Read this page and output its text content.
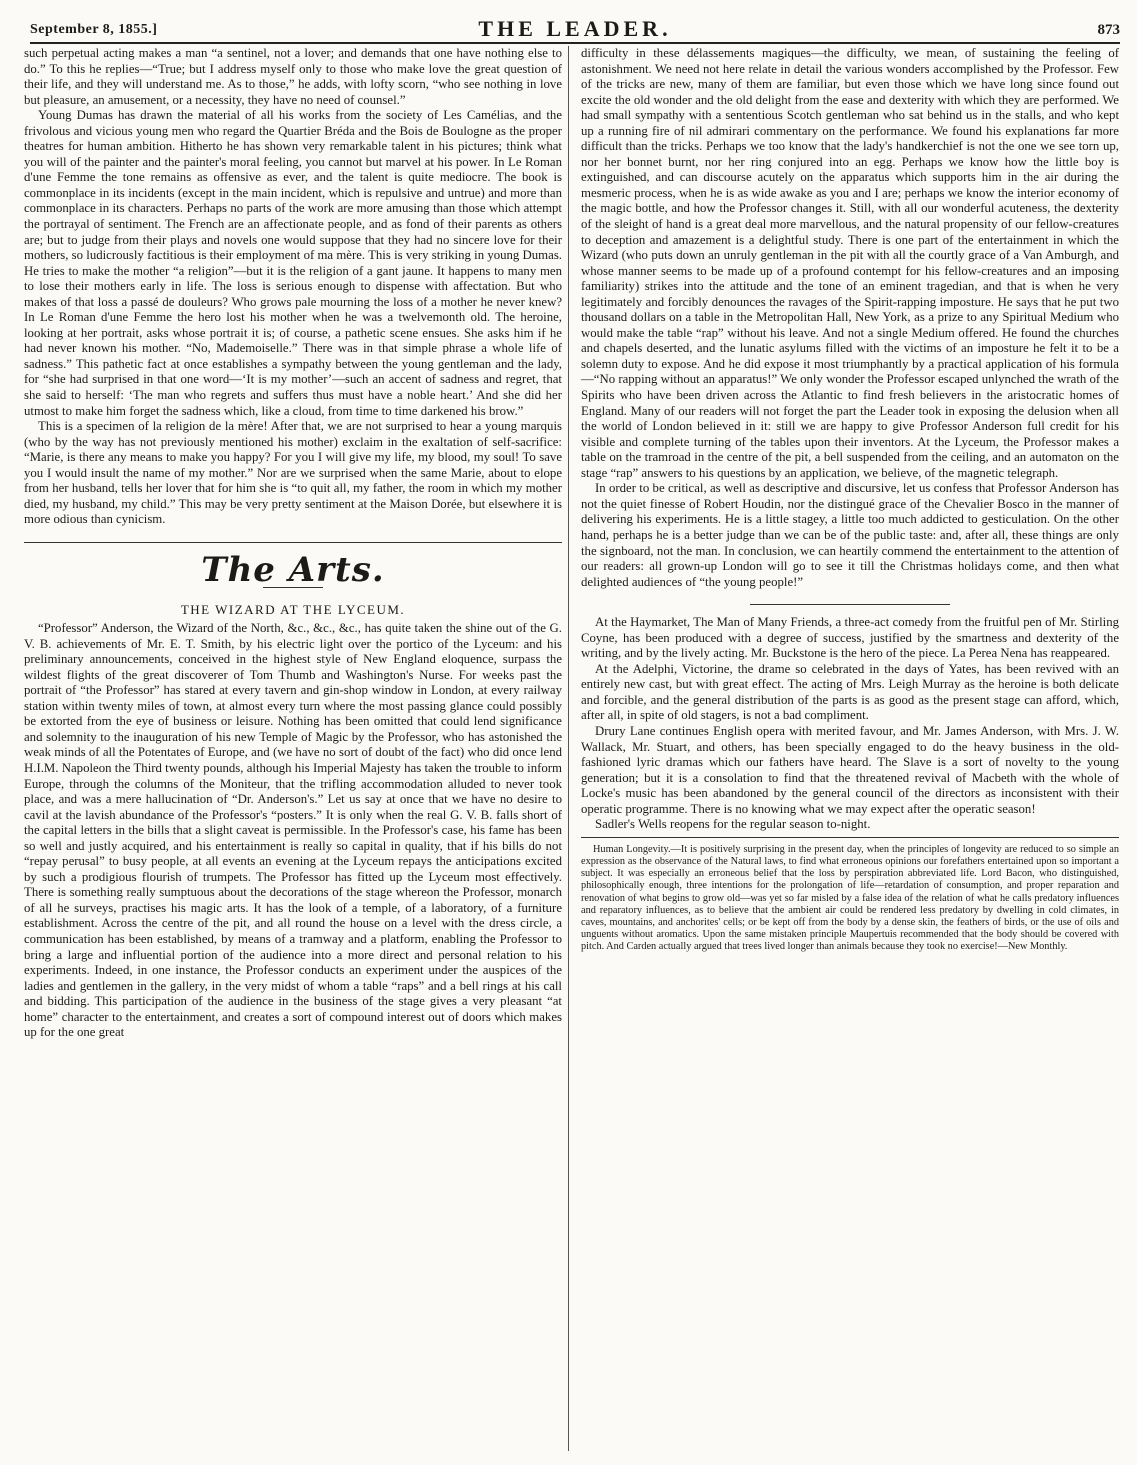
September 8, 1855.]	THE LEADER.	873

such perpetual acting makes a man “a sentinel, not a lover; and demands that one have nothing else to do.” To this he replies—“True; but I address myself only to those who make love the great question of their life, and they will understand me. As to those,” he adds, with lofty scorn, “who see nothing in love but pleasure, an amusement, or a necessity, they have no need of counsel.”

Young Dumas has drawn the material of all his works from the society of Les Camélias, and the frivolous and vicious young men who regard the Quartier Bréda and the Bois de Boulogne as the proper theatres for human ambition. Hitherto he has shown very remarkable talent in his pictures; think what you will of the painter and the painter's moral feeling, you cannot but marvel at his power. In Le Roman d'une Femme the tone remains as offensive as ever, and the talent is quite mediocre. The book is commonplace in its incidents (except in the main incident, which is repulsive and untrue) and more than commonplace in its characters. Perhaps no parts of the work are more amusing than those which attempt the portrayal of sentiment. The French are an affectionate people, and as fond of their parents as others are; but to judge from their plays and novels one would suppose that they had no sincere love for their mothers, so ludicrously factitious is their employment of ma mère. This is very striking in young Dumas. He tries to make the mother “a religion”—but it is the religion of a gant jaune. It happens to many men to lose their mothers early in life. The loss is serious enough to dispense with affectation. But who makes of that loss a passé de douleurs? Who grows pale mourning the loss of a mother he never knew? In Le Roman d'une Femme the hero lost his mother when he was a twelvemonth old. The heroine, looking at her portrait, asks whose portrait it is; of course, a pathetic scene ensues. She asks him if he had never known his mother. “No, Mademoiselle.” There was in that simple phrase a whole life of sadness.” This pathetic fact at once establishes a sympathy between the young gentleman and the lady, for “she had surprised in that one word—‘It is my mother’—such an accent of sadness and regret, that she said to herself: ‘The man who regrets and suffers thus must have a noble heart.’ And she did her utmost to make him forget the sadness which, like a cloud, from time to time darkened his brow.”

This is a specimen of la religion de la mère! After that, we are not surprised to hear a young marquis (who by the way has not previously mentioned his mother) exclaim in the exaltation of self-sacrifice: “Marie, is there any means to make you happy? For you I will give my life, my blood, my soul! To save you I would insult the name of my mother.” Nor are we surprised when the same Marie, about to elope from her husband, tells her lover that for him she is “to quit all, my father, the room in which my mother died, my husband, my child.” This may be very pretty sentiment at the Maison Dorée, but elsewhere it is more odious than cynicism.

The Arts.
THE WIZARD AT THE LYCEUM.

“Professor” Anderson, the Wizard of the North, &c., &c., &c., has quite taken the shine out of the G. V. B. achievements of Mr. E. T. Smith, by his electric light over the portico of the Lyceum: and his preliminary announcements, conceived in the highest style of New England eloquence, surpass the wildest flights of the great discoverer of Tom Thumb and Washington's Nurse. For weeks past the portrait of “the Professor” has stared at every tavern and gin-shop window in London, at every railway station within twenty miles of town, at almost every turn where the most passing glance could possibly be extorted from the eye of business or leisure. Nothing has been omitted that could lend significance and solemnity to the inauguration of his new Temple of Magic by the Professor, who has astonished the weak minds of all the Potentates of Europe, and (we have no sort of doubt of the fact) who did once lend H.I.M. Napoleon the Third twenty pounds, although his Imperial Majesty has taken the trouble to inform Europe, through the columns of the Moniteur, that the trifling accommodation alluded to never took place, and was a mere hallucination of “Dr. Anderson's.” Let us say at once that we have no desire to cavil at the lavish abundance of the Professor's “posters.” It is only when the real G. V. B. falls short of the capital letters in the bills that a slight caveat is permissible. In the Professor's case, his fame has been so well and justly acquired, and his entertainment is really so capital in quality, that if his bills do not “repay perusal” to busy people, at all events an evening at the Lyceum repays the anticipations excited by such a prodigious flourish of trumpets. The Professor has fitted up the Lyceum most effectively. There is something really sumptuous about the decorations of the stage whereon the Professor, monarch of all he surveys, practises his magic arts. It has the look of a temple, of a laboratory, of a furniture establishment. Across the centre of the pit, and all round the house on a level with the dress circle, a communication has been established, by means of a tramway and a platform, enabling the Professor to bring a large and influential portion of the audience into a more direct and personal relation to his experiments. Indeed, in one instance, the Professor conducts an experiment under the auspices of the ladies and gentlemen in the gallery, in the very midst of whom a table “raps” and a bell rings at his call and bidding. This participation of the audience in the business of the stage gives a very pleasant “at home” character to the entertainment, and creates a sort of compound interest out of doors which makes up for the one great

difficulty in these délassements magiques—the difficulty, we mean, of sustaining the feeling of astonishment. We need not here relate in detail the various wonders accomplished by the Professor. Few of the tricks are new, many of them are familiar, but even those which we have long since found out excite the old wonder and the old delight from the ease and dexterity with which they are performed. We had small sympathy with a sententious Scotch gentleman who sat behind us in the stalls, and who kept up a running fire of nil admirari commentary on the performance. We found his explanations far more difficult than the tricks. Perhaps we too know that the lady's handkerchief is not the one we see torn up, nor her bonnet burnt, nor her ring conjured into an egg. Perhaps we know how the little boy is extinguished, and can discourse acutely on the apparatus which supports him in the air during the mesmeric process, when he is as wide awake as you and I are; perhaps we know the interior economy of the magic bottle, and how the Professor changes it. Still, with all our wonderful acuteness, the dexterity of the sleight of hand is a great deal more marvellous, and the natural propensity of our fellow-creatures to deception and amazement is a delightful study. There is one part of the entertainment in which the Wizard (who puts down an unruly gentleman in the pit with all the courtly grace of a Van Amburgh, and whose manner seems to be made up of a profound contempt for his fellow-creatures and an imposing familiarity) strikes into the attitude and the tone of an eminent tragedian, and that is when he very legitimately and forcibly denounces the ravages of the Spirit-rapping imposture. He says that he put two thousand dollars on a table in the Metropolitan Hall, New York, as a prize to any Spiritual Medium who would make the table “rap” without his leave. And not a single Medium offered. He found the churches and chapels deserted, and the lunatic asylums filled with the victims of an imposture he felt it to be a solemn duty to expose. And he did expose it most triumphantly by a practical application of his formula—“No rapping without an apparatus!” We only wonder the Professor escaped unlynched the wrath of the Spirits who have been driven across the Atlantic to find fresh believers in the aristocratic homes of England. Many of our readers will not forget the part the Leader took in exposing the delusion when all the world of London believed in it: still we are happy to give Professor Anderson full credit for his visible and complete turning of the tables upon their inventors. At the Lyceum, the Professor makes a table on the tramroad in the centre of the pit, a bell suspended from the ceiling, and an automaton on the stage “rap” answers to his questions by an application, we believe, of the magnetic telegraph.

In order to be critical, as well as descriptive and discursive, let us confess that Professor Anderson has not the quiet finesse of Robert Houdin, nor the distingué grace of the Chevalier Bosco in the manner of delivering his experiments. He is a little stagey, a little too much addicted to gesticulation. On the other hand, perhaps he is a better judge than we can be of the public taste: and, after all, these things are only the signboard, not the man. In conclusion, we can heartily commend the entertainment to the attention of our readers: all grown-up London will go to see it till the Christmas holidays come, and then what delighted audiences of “the young people!”

At the Haymarket, The Man of Many Friends, a three-act comedy from the fruitful pen of Mr. Stirling Coyne, has been produced with a degree of success, justified by the smartness and dexterity of the writing, and by the lively acting. Mr. Buckstone is the hero of the piece. La Perea Nena has reappeared.

At the Adelphi, Victorine, the drame so celebrated in the days of Yates, has been revived with an entirely new cast, but with great effect. The acting of Mrs. Leigh Murray as the heroine is both delicate and forcible, and the general distribution of the parts is as good as the present stage can afford, which, after all, in spite of old stagers, is not a bad compliment.

Drury Lane continues English opera with merited favour, and Mr. James Anderson, with Mrs. J. W. Wallack, Mr. Stuart, and others, has been specially engaged to do the heavy business in the old-fashioned lyric dramas which our fathers have heard. The Slave is a sort of novelty to the young generation; but it is a consolation to find that the threatened revival of Macbeth with the whole of Locke's music has been abandoned by the general council of the directors as inconsistent with their operatic programme. There is no knowing what we may expect after the operatic season!

Sadler's Wells reopens for the regular season to-night.

Human Longevity.—It is positively surprising in the present day, when the principles of longevity are reduced to so simple an expression as the observance of the Natural laws, to find what erroneous opinions our forefathers entertained upon so important a subject. It was especially an erroneous belief that the loss by perspiration abbreviated life. Lord Bacon, who distinguished, philosophically enough, three intentions for the prolongation of life—retardation of consumption, and proper reparation and renovation of what begins to grow old—was yet so far misled by a false idea of the relation of what he calls predatory influences and reparatory influences, as to believe that the ambient air could be rendered less predatory by dwelling in cold climates, in caves, mountains, and anchorites' cells; or be kept off from the body by a dense skin, the feathers of birds, or the use of oils and unguents without aromatics. Upon the same mistaken principle Maupertuis recommended that the body should be covered with pitch. And Carden actually argued that trees lived longer than animals because they took no exercise!—New Monthly.
